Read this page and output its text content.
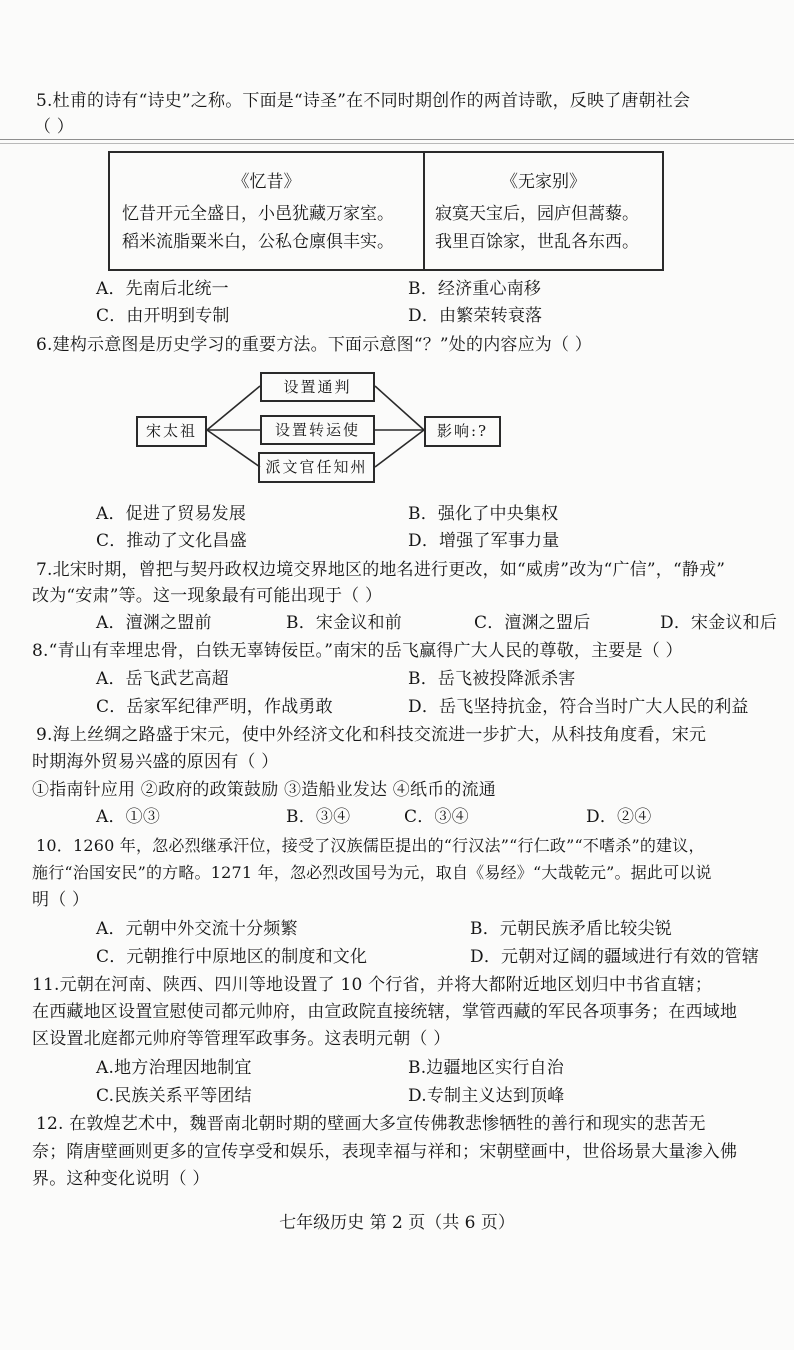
5.杜甫的诗有“诗史”之称。下面是“诗圣”在不同时期创作的两首诗歌，反映了唐朝社会
（ ）
《忆昔》
忆昔开元全盛日，小邑犹藏万家室。
稻米流脂粟米白，公私仓廪俱丰实。
《无家别》
寂寞天宝后，园庐但蒿藜。
我里百馀家，世乱各东西。
A．先南后北统一	B．经济重心南移
C．由开明到专制	D．由繁荣转衰落
6.建构示意图是历史学习的重要方法。下面示意图“？”处的内容应为（ ）
宋太祖
设置通判
设置转运使
派文官任知州
影响:?
A．促进了贸易发展	B．强化了中央集权
C．推动了文化昌盛	D．增强了军事力量
7.北宋时期，曾把与契丹政权边境交界地区的地名进行更改，如“威虏”改为“广信”，“静戎”
改为“安肃”等。这一现象最有可能出现于（ ）
A．澶渊之盟前	B．宋金议和前	C．澶渊之盟后	D．宋金议和后
8.“青山有幸埋忠骨，白铁无辜铸佞臣。”南宋的岳飞赢得广大人民的尊敬，主要是（ ）
A．岳飞武艺高超	B．岳飞被投降派杀害
C．岳家军纪律严明，作战勇敢	D．岳飞坚持抗金，符合当时广大人民的利益
9.海上丝绸之路盛于宋元，使中外经济文化和科技交流进一步扩大，从科技角度看，宋元
时期海外贸易兴盛的原因有（ ）
①指南针应用 ②政府的政策鼓励 ③造船业发达 ④纸币的流通
A．①③	B．③④	C．③④	D．②④
10．1260 年，忽必烈继承汗位，接受了汉族儒臣提出的“行汉法”“行仁政”“不嗜杀”的建议，
施行“治国安民”的方略。1271 年，忽必烈改国号为元，取自《易经》“大哉乾元”。据此可以说
明（ ）
A．元朝中外交流十分频繁	B．元朝民族矛盾比较尖锐
C．元朝推行中原地区的制度和文化	D．元朝对辽阔的疆域进行有效的管辖
11.元朝在河南、陕西、四川等地设置了 10 个行省，并将大都附近地区划归中书省直辖；
在西藏地区设置宣慰使司都元帅府，由宣政院直接统辖，掌管西藏的军民各项事务；在西域地
区设置北庭都元帅府等管理军政事务。这表明元朝（ ）
A.地方治理因地制宜	B.边疆地区实行自治
C.民族关系平等团结	D.专制主义达到顶峰
12. 在敦煌艺术中，魏晋南北朝时期的壁画大多宣传佛教悲惨牺牲的善行和现实的悲苦无
奈；隋唐壁画则更多的宣传享受和娱乐，表现幸福与祥和；宋朝壁画中，世俗场景大量渗入佛
界。这种变化说明（ ）
七年级历史 第 2 页（共 6 页）
